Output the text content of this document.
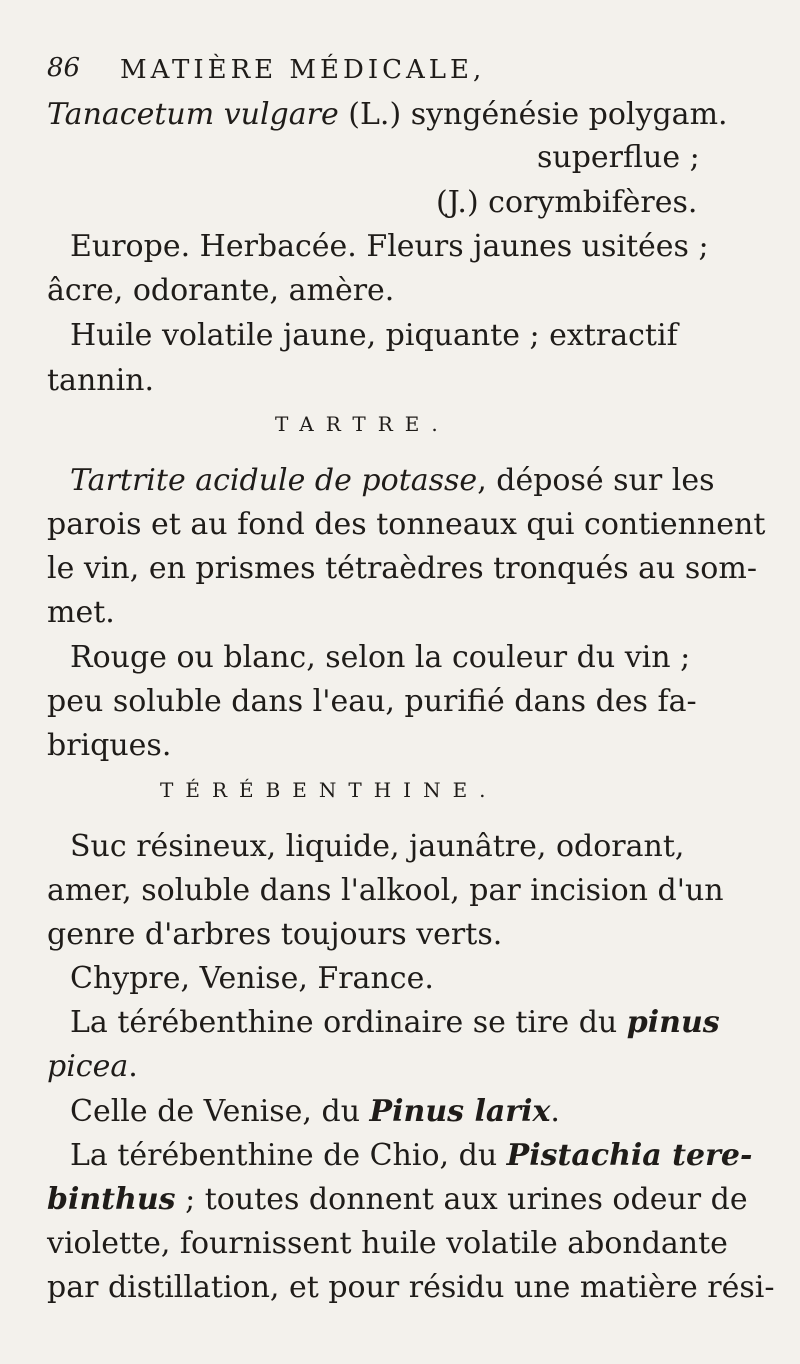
86 MATIÈRE MÉDICALE,
Tanacetum vulgare (L.) syngénésie polygam.
superflue ;
(J.) corymbifères.
Europe. Herbacée. Fleurs jaunes usitées ;
âcre, odorante, amère.
Huile volatile jaune, piquante ; extractif
tannin.
TARTRE.
Tartrite acidule de potasse, déposé sur les
parois et au fond des tonneaux qui contiennent
le vin, en prismes tétraèdres tronqués au som-
met.
Rouge ou blanc, selon la couleur du vin ;
peu soluble dans l'eau, purifié dans des fa-
briques.
TÉRÉBENTHINE.
Suc résineux, liquide, jaunâtre, odorant,
amer, soluble dans l'alkool, par incision d'un
genre d'arbres toujours verts.
Chypre, Venise, France.
La térébenthine ordinaire se tire du pinus
picea.
Celle de Venise, du Pinus larix.
La térébenthine de Chio, du Pistachia tere-
binthus ; toutes donnent aux urines odeur de
violette, fournissent huile volatile abondante
par distillation, et pour résidu une matière rési-
